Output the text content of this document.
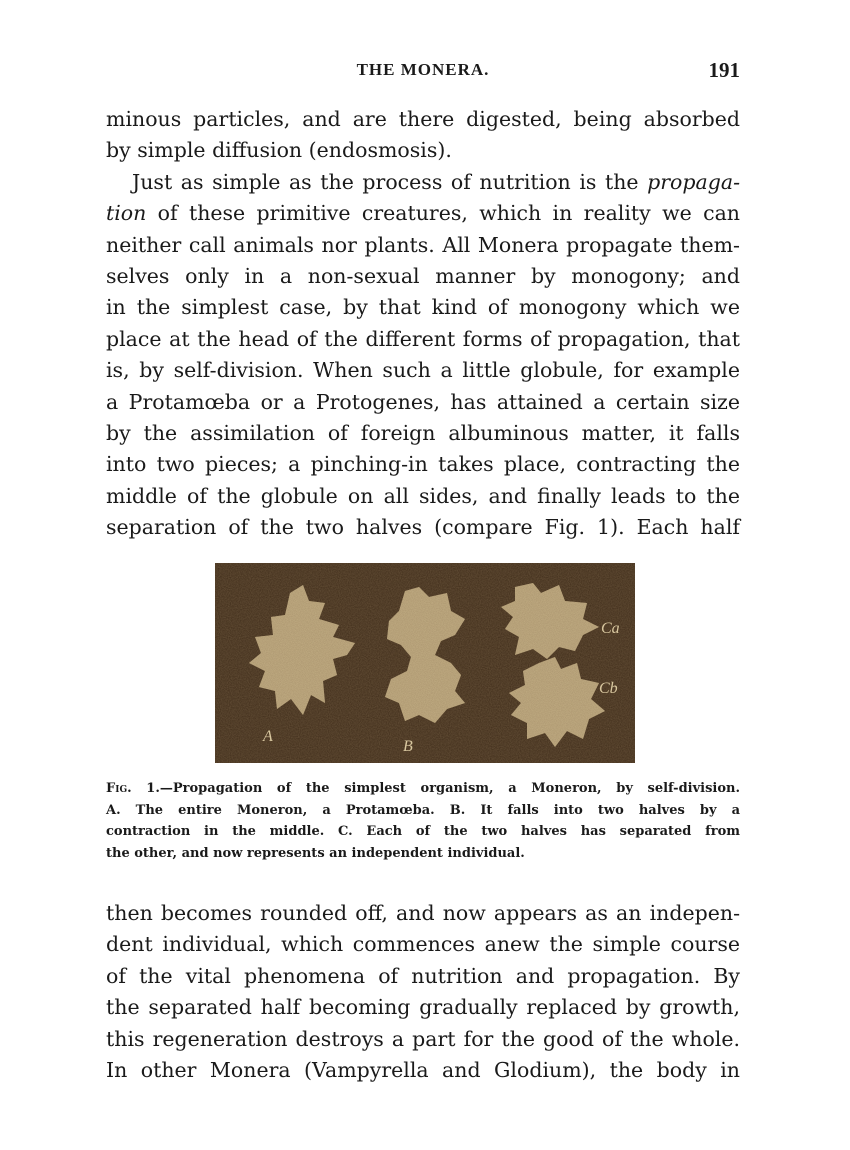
THE MONERA.	191
minous particles, and are there digested, being absorbed
by simple diffusion (endosmosis).
Just as simple as the process of nutrition is the propaga-
tion of these primitive creatures, which in reality we can
neither call animals nor plants. All Monera propagate them-
selves only in a non-sexual manner by monogony; and
in the simplest case, by that kind of monogony which we
place at the head of the different forms of propagation, that
is, by self-division. When such a little globule, for example
a Protamœba or a Protogenes, has attained a certain size
by the assimilation of foreign albuminous matter, it falls
into two pieces; a pinching-in takes place, contracting the
middle of the globule on all sides, and finally leads to the
separation of the two halves (compare Fig. 1). Each half
A
B
Ca
Cb
Fig. 1.—Propagation of the simplest organism, a Moneron, by self-division.
A. The entire Moneron, a Protamœba. B. It falls into two halves by a
contraction in the middle. C. Each of the two halves has separated from
the other, and now represents an independent individual.
then becomes rounded off, and now appears as an indepen-
dent individual, which commences anew the simple course
of the vital phenomena of nutrition and propagation. By
the separated half becoming gradually replaced by growth,
this regeneration destroys a part for the good of the whole.
In other Monera (Vampyrella and Glodium), the body in
